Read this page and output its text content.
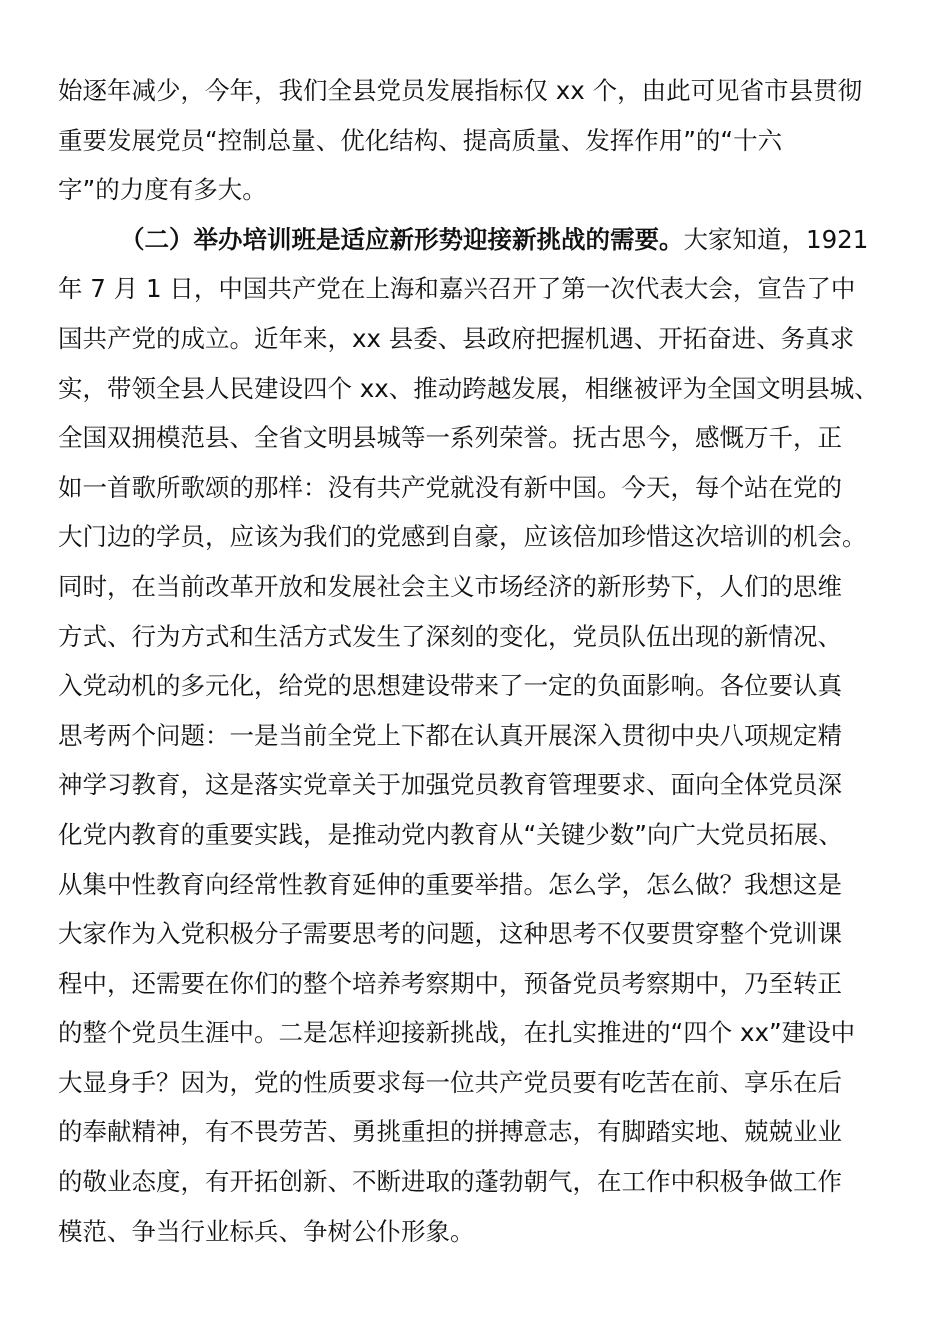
始逐年减少，今年，我们全县党员发展指标仅 xx 个，由此可见省市县贯彻
重要发展党员“控制总量、优化结构、提高质量、发挥作用”的“十六
字”的力度有多大。
（二）举办培训班是适应新形势迎接新挑战的需要。大家知道，1921
年 7 月 1 日，中国共产党在上海和嘉兴召开了第一次代表大会，宣告了中
国共产党的成立。近年来，xx 县委、县政府把握机遇、开拓奋进、务真求
实，带领全县人民建设四个 xx、推动跨越发展，相继被评为全国文明县城、
全国双拥模范县、全省文明县城等一系列荣誉。抚古思今，感慨万千，正
如一首歌所歌颂的那样：没有共产党就没有新中国。今天，每个站在党的
大门边的学员，应该为我们的党感到自豪，应该倍加珍惜这次培训的机会。
同时，在当前改革开放和发展社会主义市场经济的新形势下，人们的思维
方式、行为方式和生活方式发生了深刻的变化，党员队伍出现的新情况、
入党动机的多元化，给党的思想建设带来了一定的负面影响。各位要认真
思考两个问题：一是当前全党上下都在认真开展深入贯彻中央八项规定精
神学习教育，这是落实党章关于加强党员教育管理要求、面向全体党员深
化党内教育的重要实践，是推动党内教育从“关键少数”向广大党员拓展、
从集中性教育向经常性教育延伸的重要举措。怎么学，怎么做？我想这是
大家作为入党积极分子需要思考的问题，这种思考不仅要贯穿整个党训课
程中，还需要在你们的整个培养考察期中，预备党员考察期中，乃至转正
的整个党员生涯中。二是怎样迎接新挑战，在扎实推进的“四个 xx”建设中
大显身手？因为，党的性质要求每一位共产党员要有吃苦在前、享乐在后
的奉献精神，有不畏劳苦、勇挑重担的拼搏意志，有脚踏实地、兢兢业业
的敬业态度，有开拓创新、不断进取的蓬勃朝气，在工作中积极争做工作
模范、争当行业标兵、争树公仆形象。
